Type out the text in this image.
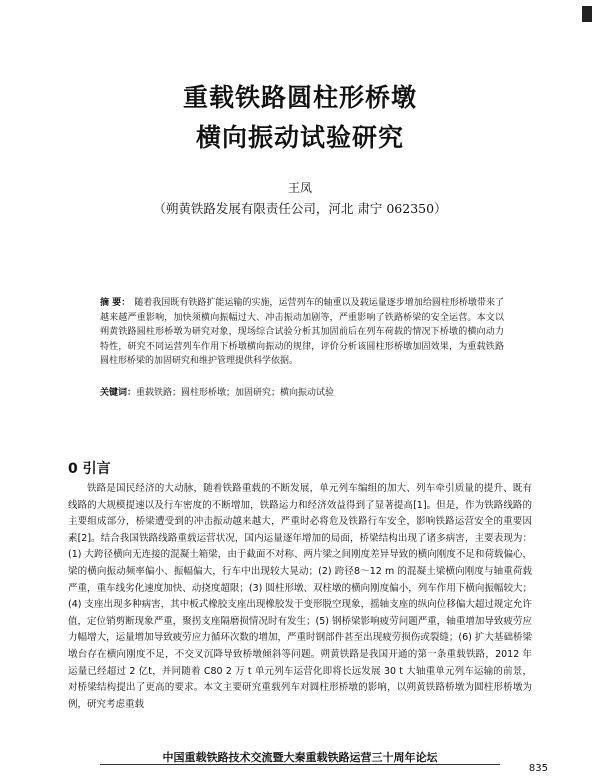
重载铁路圆柱形桥墩
横向振动试验研究
王凤
（朔黄铁路发展有限责任公司，河北 肃宁 062350）
摘 要： 随着我国既有铁路扩能运输的实施，运营列车的轴重以及载运量逐步增加给圆柱形桥墩带来了越来越严重影响，加快须横向振幅过大、冲击振动加剧等，严重影响了铁路桥梁的安全运营。本文以朔黄铁路圆柱形桥墩为研究对象，现场综合试验分析其加固前后在列车荷载的情况下桥墩的横向动力特性，研究不同运营列车作用下桥墩横向振动的规律，评价分析该圆柱形桥墩加固效果，为重载铁路圆柱形桥梁的加固研究和维护管理提供科学依据。
关键词：重载铁路；圆柱形桥墩；加固研究；横向振动试验
0 引言
铁路是国民经济的大动脉，随着铁路重载的不断发展，单元列车编组的加大、列车牵引质量的提升、既有线路的大规模提速以及行车密度的不断增加，铁路运力和经济效益得到了显著提高[1]。但是，作为铁路线路的主要组成部分，桥梁遭受到的冲击振动越来越大，严重时必将危及铁路行车安全，影响铁路运营安全的重要因素[2]。结合我国铁路线路重载运营状况，国内运量逐年增加的局面，桥梁结构出现了诸多病害，主要表现为：(1) 大跨径横向无连接的混凝土箱梁，由于截面不对称、两片梁之间刚度差异导致的横向刚度不足和荷载偏心，梁的横向振动频率偏小、振幅偏大，行车中出现较大晃动；(2) 跨径8～12 m 的混凝土梁横向刚度与轴重荷载严重，重车线劣化速度加快、动挠度超限；(3) 圆柱形墩、双柱墩的横向刚度偏小，列车作用下横向振幅较大；(4) 支座出现多种病害，其中板式橡胶支座出现橡胶发于变形脱空现象，摇轴支座的纵向位移偏大超过规定允许值，定位销剪断现象严重，聚拐支座隔磨损情况时有发生；(5) 钢桥梁影响疲劳问题严重，轴重增加导致疲劳应力幅增大，运量增加导致疲劳应力循环次数的增加，严重时钢部件甚至出现疲劳损伤或裂缝；(6) 扩大基础桥梁墩台存在横向刚度不足，不交叉沉降导致桥墩倾斜等问题。朔黄铁路是我国开通的第一条重载铁路，2012 年运量已经超过 2 亿t，并同随着 C80 2 万 t 单元列车运营化即将长远发展 30 t 大轴重单元列车运输的前景，对桥梁结构提出了更高的要求。本文主要研究重载列车对圆柱形桥墩的影响，以朔黄铁路桥墩为圆柱形桥墩为例，研究考虑重载
中国重载铁路技术交流暨大秦重载铁路运营三十周年论坛
835
